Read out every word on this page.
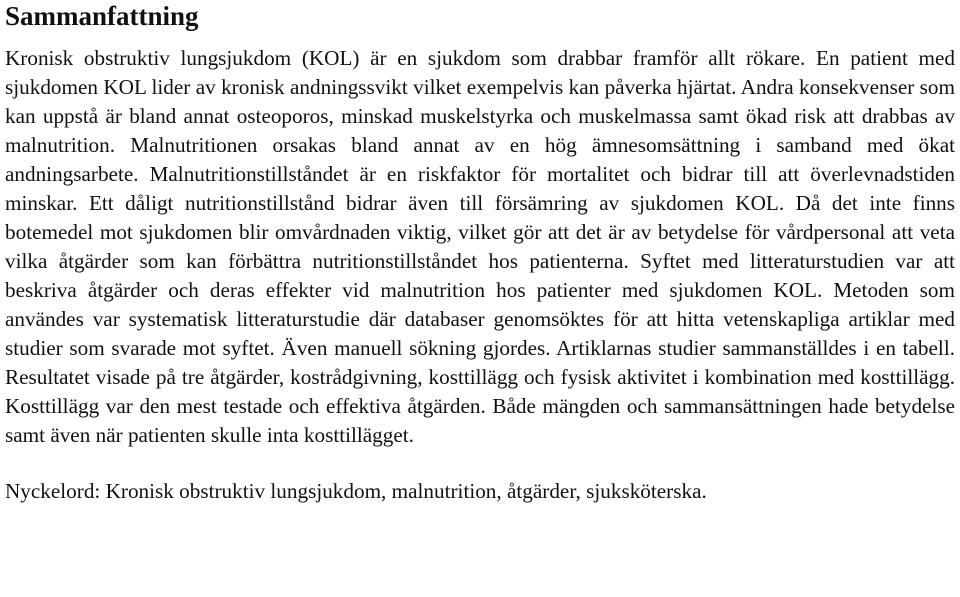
Sammanfattning

Kronisk obstruktiv lungsjukdom (KOL) är en sjukdom som drabbar framför allt rökare. En patient med sjukdomen KOL lider av kronisk andningssvikt vilket exempelvis kan påverka hjärtat. Andra konsekvenser som kan uppstå är bland annat osteoporos, minskad muskelstyrka och muskelmassa samt ökad risk att drabbas av malnutrition. Malnutritionen orsakas bland annat av en hög ämnesomsättning i samband med ökat andningsarbete. Malnutritionstillståndet är en riskfaktor för mortalitet och bidrar till att överlevnadstiden minskar. Ett dåligt nutritionstillstånd bidrar även till försämring av sjukdomen KOL. Då det inte finns botemedel mot sjukdomen blir omvårdnaden viktig, vilket gör att det är av betydelse för vårdpersonal att veta vilka åtgärder som kan förbättra nutritionstillståndet hos patienterna. Syftet med litteraturstudien var att beskriva åtgärder och deras effekter vid malnutrition hos patienter med sjukdomen KOL. Metoden som användes var systematisk litteraturstudie där databaser genomsöktes för att hitta vetenskapliga artiklar med studier som svarade mot syftet. Även manuell sökning gjordes. Artiklarnas studier sammanställdes i en tabell. Resultatet visade på tre åtgärder, kostrådgivning, kosttillägg och fysisk aktivitet i kombination med kosttillägg. Kosttillägg var den mest testade och effektiva åtgärden. Både mängden och sammansättningen hade betydelse samt även när patienten skulle inta kosttillägget.

Nyckelord: Kronisk obstruktiv lungsjukdom, malnutrition, åtgärder, sjuksköterska.
